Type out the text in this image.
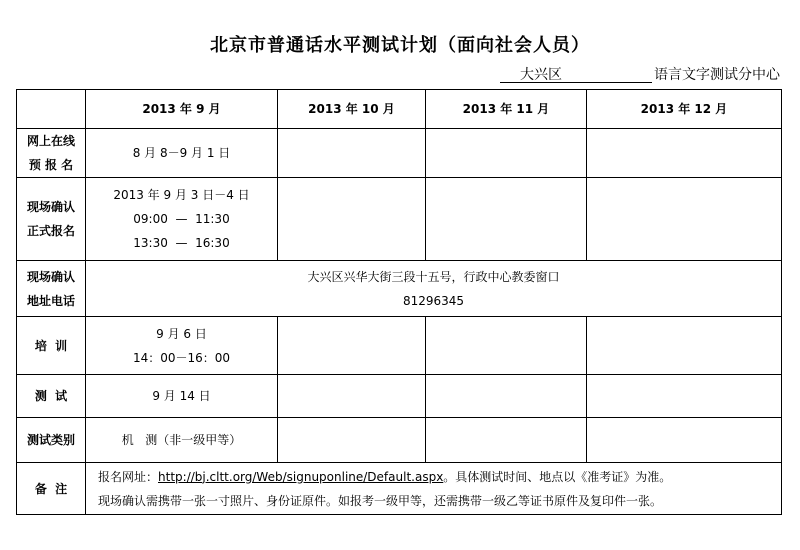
北京市普通话水平测试计划（面向社会人员）
大兴区	语言文字测试分中心
	2013 年 9 月	2013 年 10 月	2013 年 11 月	2013 年 12 月

网上在线
预 报 名	8 月 8－9 月 1 日			

现场确认
正式报名	2013 年 9 月 3 日－4 日
09:00  —  11:30
13:30  —  16:30			

现场确认
地址电话	大兴区兴华大街三段十五号，行政中心教委窗口
81296345			

培  训	9 月 6 日
14：00－16：00			

测  试	9 月 14 日			
测试类别	机   测（非一级甲等）			
备  注	报名网址：http://bj.cltt.org/Web/signuponline/Default.aspx。具体测试时间、地点以《准考证》为准。
现场确认需携带一张一寸照片、身份证原件。如报考一级甲等，还需携带一级乙等证书原件及复印件一张。			
